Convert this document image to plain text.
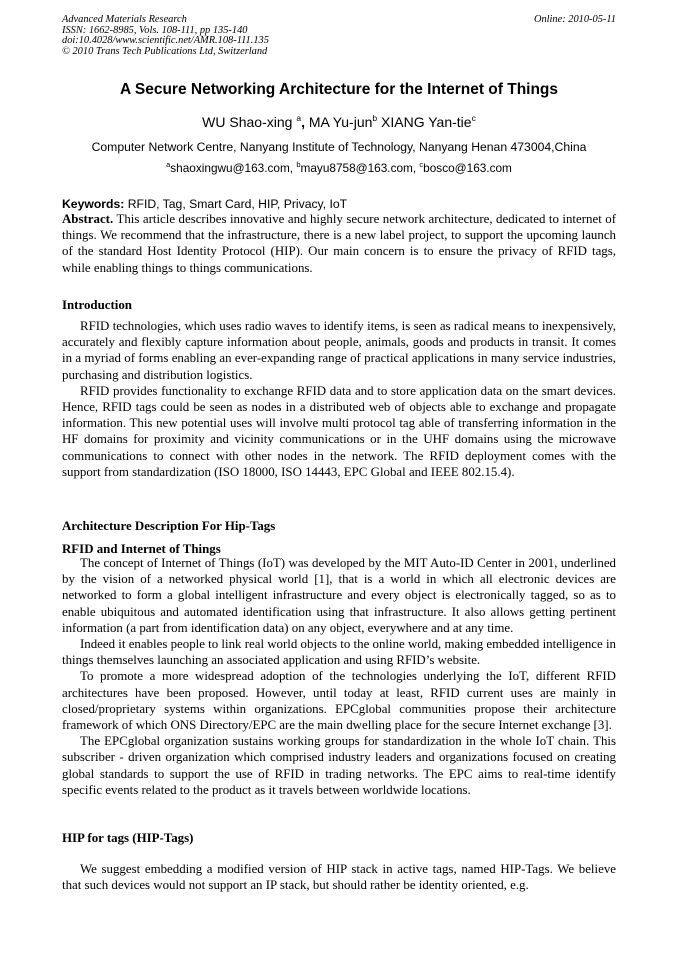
Advanced Materials Research
ISSN: 1662-8985, Vols. 108-111, pp 135-140
doi:10.4028/www.scientific.net/AMR.108-111.135
© 2010 Trans Tech Publications Ltd, Switzerland
Online: 2010-05-11
A Secure Networking Architecture for the Internet of Things
WU Shao-xing $^a$, MA Yu-jun$^b$ XIANG Yan-tie$^c$
Computer Network Centre, Nanyang Institute of Technology, Nanyang Henan 473004,China
$^a$shaoxingwu@163.com, $^b$mayu8758@163.com, $^c$bosco@163.com
Keywords: RFID, Tag, Smart Card, HIP, Privacy, IoT

Abstract. This article describes innovative and highly secure network architecture, dedicated to internet of things. We recommend that the infrastructure, there is a new label project, to support the upcoming launch of the standard Host Identity Protocol (HIP). Our main concern is to ensure the privacy of RFID tags, while enabling things to things communications.

Introduction

RFID technologies, which uses radio waves to identify items, is seen as radical means to inexpensively, accurately and flexibly capture information about people, animals, goods and products in transit. It comes in a myriad of forms enabling an ever-expanding range of practical applications in many service industries, purchasing and distribution logistics.

RFID provides functionality to exchange RFID data and to store application data on the smart devices. Hence, RFID tags could be seen as nodes in a distributed web of objects able to exchange and propagate information. This new potential uses will involve multi protocol tag able of transferring information in the HF domains for proximity and vicinity communications or in the UHF domains using the microwave communications to connect with other nodes in the network. The RFID deployment comes with the support from standardization (ISO 18000, ISO 14443, EPC Global and IEEE 802.15.4).

Architecture Description For Hip-Tags
RFID and Internet of Things

The concept of Internet of Things (IoT) was developed by the MIT Auto-ID Center in 2001, underlined by the vision of a networked physical world [1], that is a world in which all electronic devices are networked to form a global intelligent infrastructure and every object is electronically tagged, so as to enable ubiquitous and automated identification using that infrastructure. It also allows getting pertinent information (a part from identification data) on any object, everywhere and at any time.

Indeed it enables people to link real world objects to the online world, making embedded intelligence in things themselves launching an associated application and using RFID’s website.

To promote a more widespread adoption of the technologies underlying the IoT, different RFID architectures have been proposed. However, until today at least, RFID current uses are mainly in closed/proprietary systems within organizations. EPCglobal communities propose their architecture framework of which ONS Directory/EPC are the main dwelling place for the secure Internet exchange [3].

The EPCglobal organization sustains working groups for standardization in the whole IoT chain. This subscriber - driven organization which comprised industry leaders and organizations focused on creating global standards to support the use of RFID in trading networks. The EPC aims to real-time identify specific events related to the product as it travels between worldwide locations.

HIP for tags (HIP-Tags)

We suggest embedding a modified version of HIP stack in active tags, named HIP-Tags. We believe that such devices would not support an IP stack, but should rather be identity oriented, e.g.
